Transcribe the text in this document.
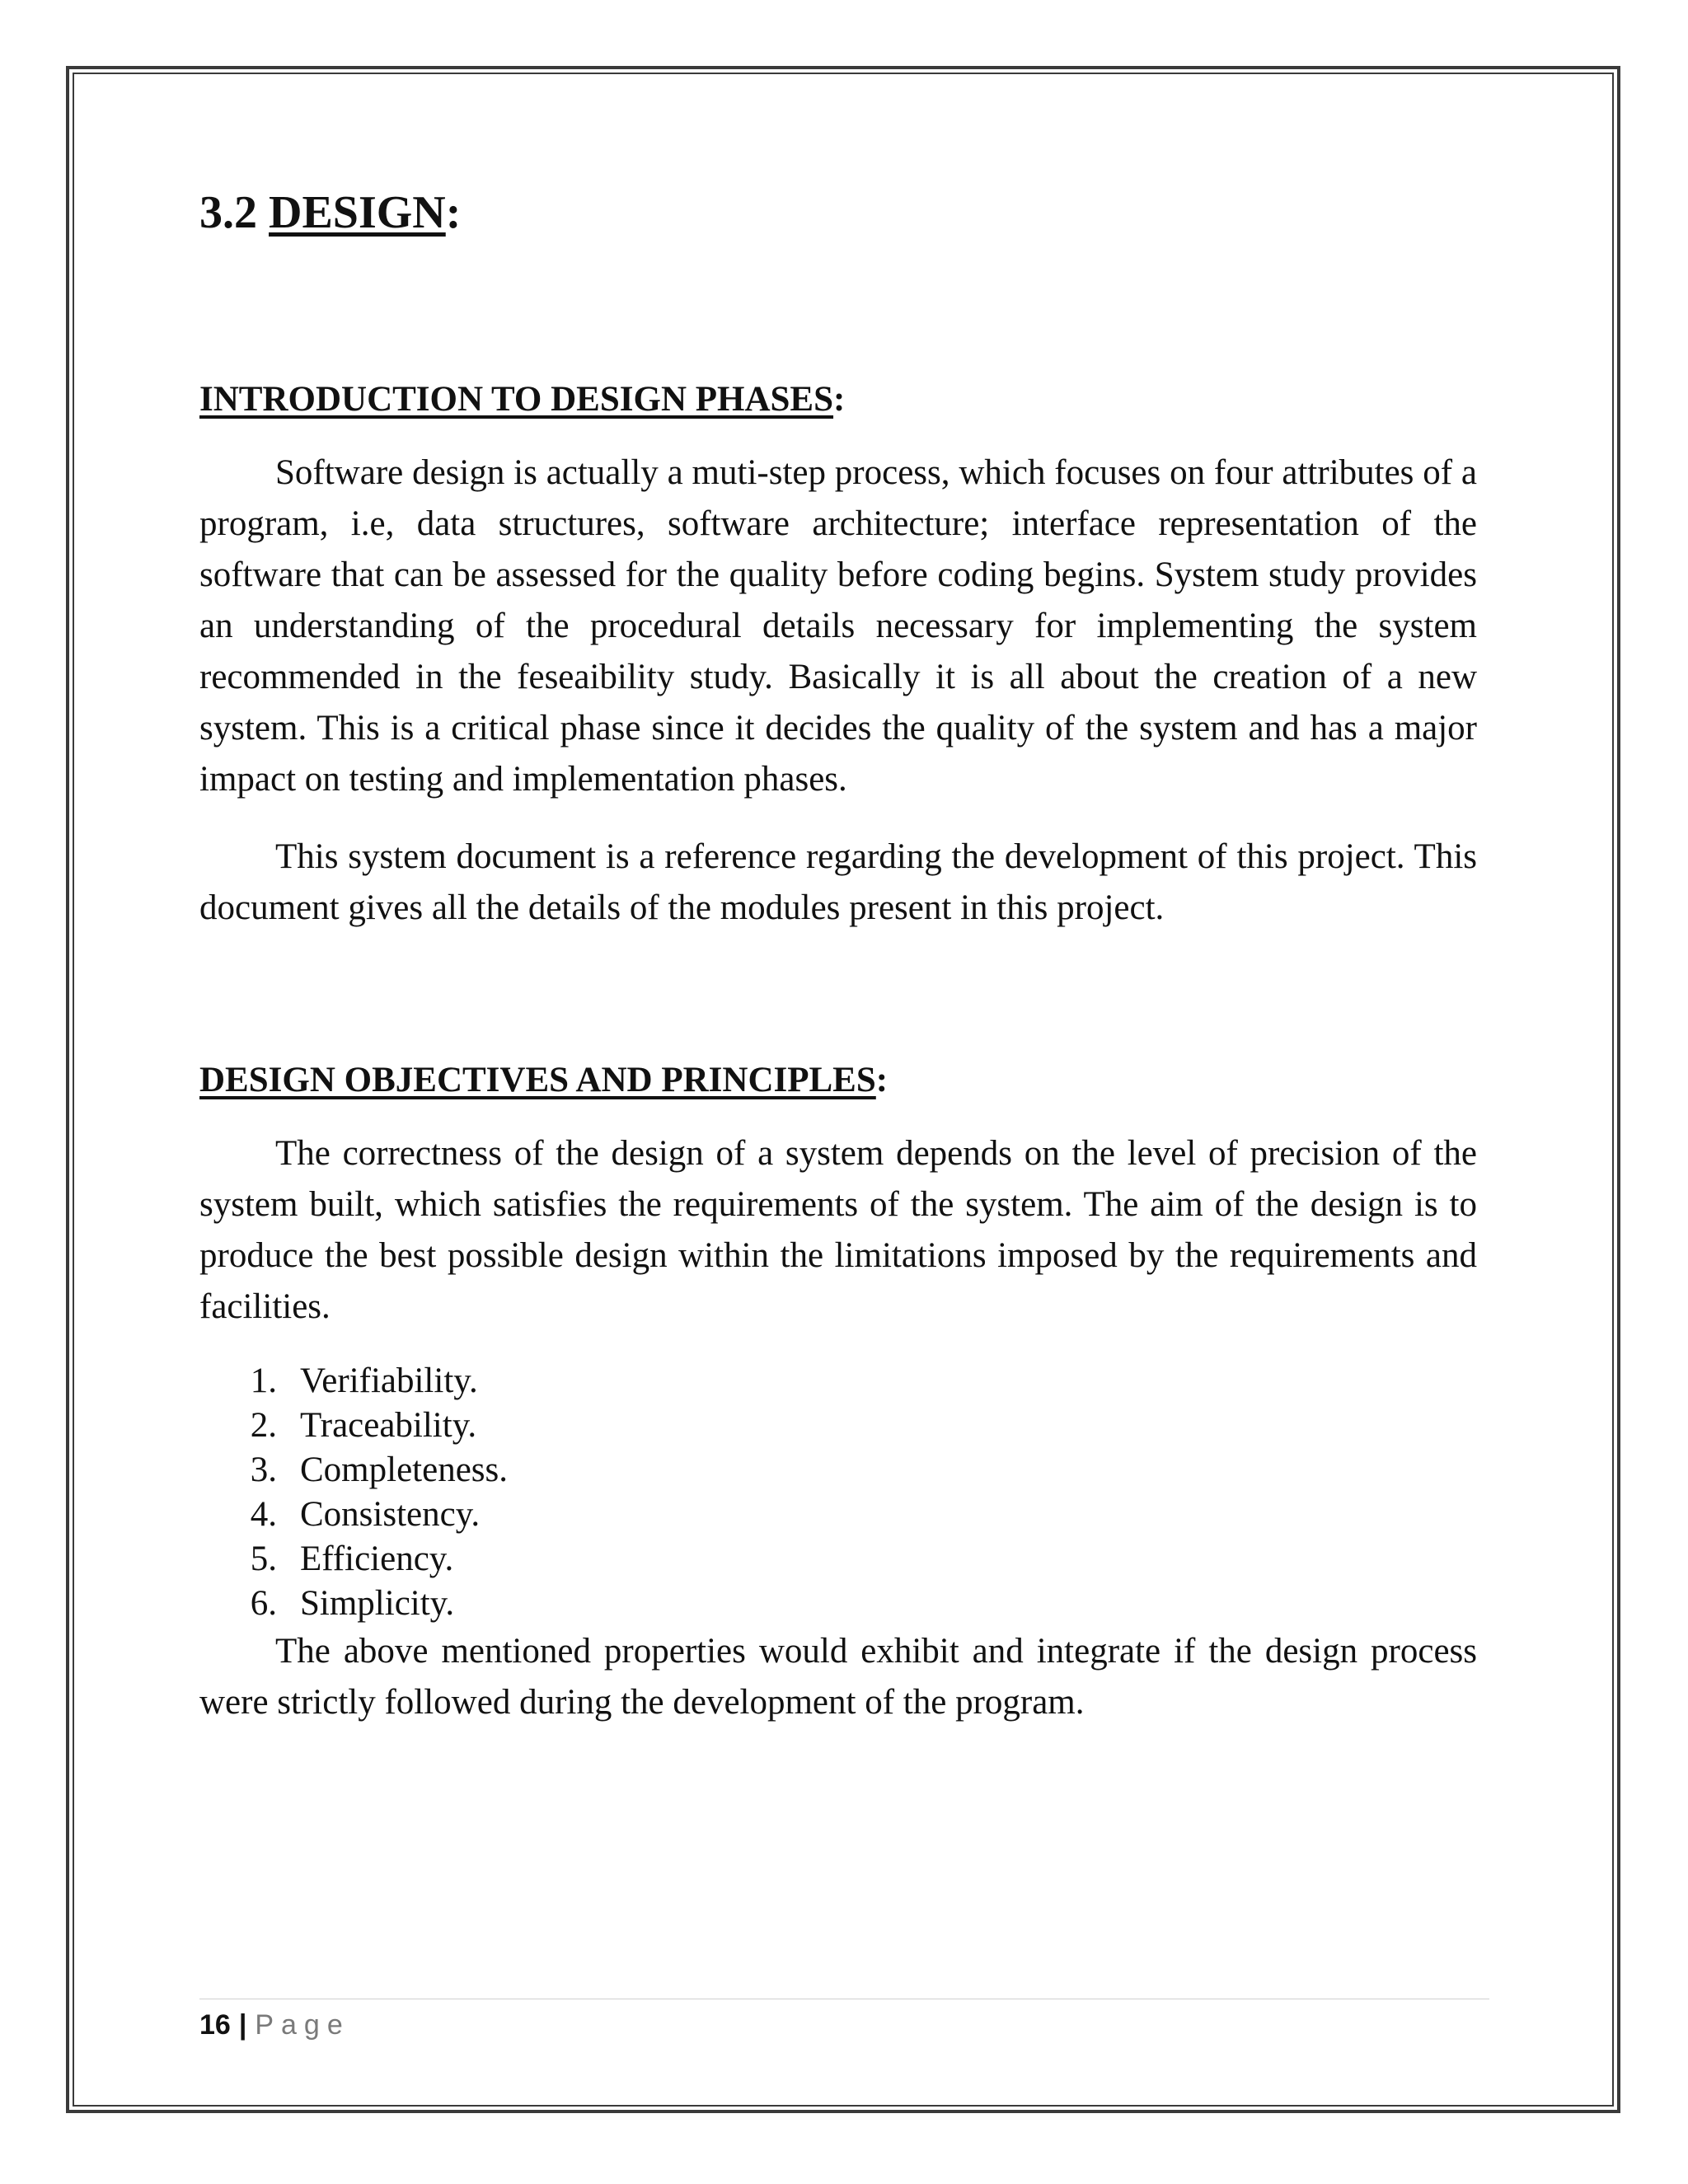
3.2 DESIGN:
INTRODUCTION TO DESIGN PHASES:

Software design is actually a muti-step process, which focuses on four attributes of a program, i.e, data structures, software architecture; interface representation of the software that can be assessed for the quality before coding begins. System study provides an understanding of the procedural details necessary for implementing the system recommended in the feseaibility study. Basically it is all about the creation of a new system. This is a critical phase since it decides the quality of the system and has a major impact on testing and implementation phases.

This system document is a reference regarding the development of this project. This document gives all the details of the modules present in this project.

DESIGN OBJECTIVES AND PRINCIPLES:

The correctness of the design of a system depends on the level of precision of the system built, which satisfies the requirements of the system. The aim of the design is to produce the best possible design within the limitations imposed by the requirements and facilities.

1. Verifiability.
2. Traceability.
3. Completeness.
4. Consistency.
5. Efficiency.
6. Simplicity.

The above mentioned properties would exhibit and integrate if the design process were strictly followed during the development of the program.

16 | Page
